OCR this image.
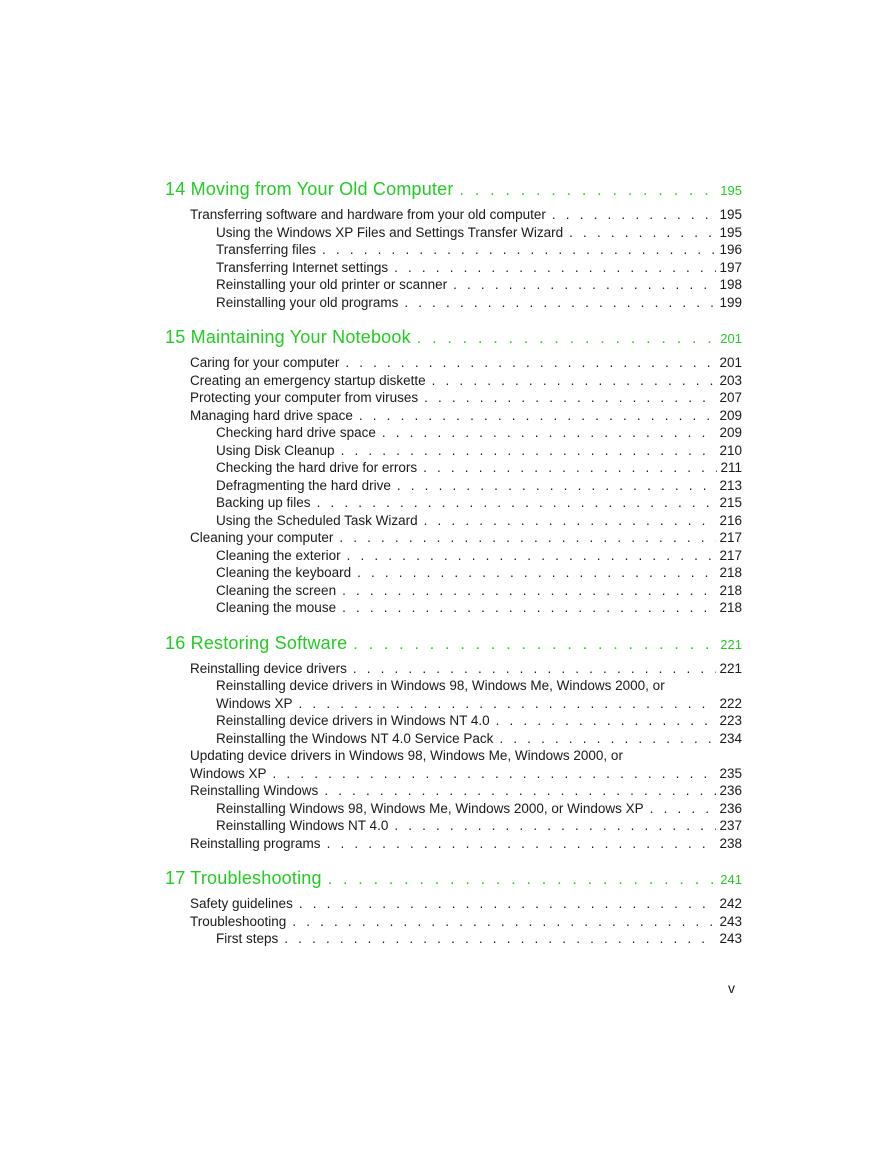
14 Moving from Your Old Computer . . .	195
Transferring software and hardware from your old computer . . .	195
Using the Windows XP Files and Settings Transfer Wizard . . .	195
Transferring files . . .	196
Transferring Internet settings . . .	197
Reinstalling your old printer or scanner . . .	198
Reinstalling your old programs . . .	199
15 Maintaining Your Notebook . . .	201
Caring for your computer . . .	201
Creating an emergency startup diskette . . .	203
Protecting your computer from viruses . . .	207
Managing hard drive space . . .	209
Checking hard drive space . . .	209
Using Disk Cleanup . . .	210
Checking the hard drive for errors . . .	211
Defragmenting the hard drive . . .	213
Backing up files . . .	215
Using the Scheduled Task Wizard . . .	216
Cleaning your computer . . .	217
Cleaning the exterior . . .	217
Cleaning the keyboard . . .	218
Cleaning the screen . . .	218
Cleaning the mouse . . .	218
16 Restoring Software . . .	221
Reinstalling device drivers . . .	221
Reinstalling device drivers in Windows 98, Windows Me, Windows 2000, or
Windows XP . . .	222
Reinstalling device drivers in Windows NT 4.0 . . .	223
Reinstalling the Windows NT 4.0 Service Pack . . .	234
Updating device drivers in Windows 98, Windows Me, Windows 2000, or
Windows XP . . .	235
Reinstalling Windows . . .	236
Reinstalling Windows 98, Windows Me, Windows 2000, or Windows XP . . .	236
Reinstalling Windows NT 4.0 . . .	237
Reinstalling programs . . .	238
17 Troubleshooting . . .	241
Safety guidelines . . .	242
Troubleshooting . . .	243
First steps . . .	243
v
